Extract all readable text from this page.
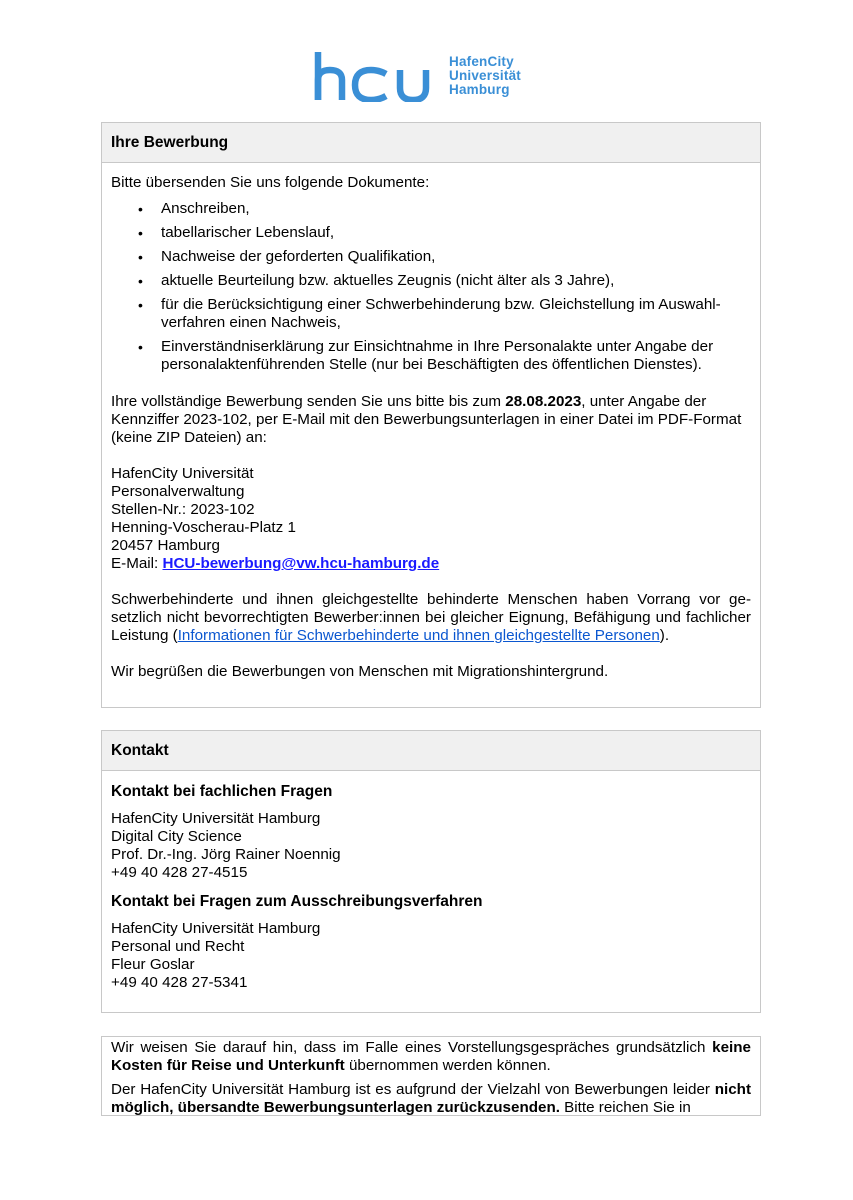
HafenCity
Universität
Hamburg
Ihre Bewerbung

Bitte übersenden Sie uns folgende Dokumente:

• Anschreiben,
• tabellarischer Lebenslauf,
• Nachweise der geforderten Qualifikation,
• aktuelle Beurteilung bzw. aktuelles Zeugnis (nicht älter als 3 Jahre),
• für die Berücksichtigung einer Schwerbehinderung bzw. Gleichstellung im Auswahl-verfahren einen Nachweis,
• Einverständniserklärung zur Einsichtnahme in Ihre Personalakte unter Angabe der personalaktenführenden Stelle (nur bei Beschäftigten des öffentlichen Dienstes).

Ihre vollständige Bewerbung senden Sie uns bitte bis zum 28.08.2023, unter Angabe der Kennziffer 2023-102, per E-Mail mit den Bewerbungsunterlagen in einer Datei im PDF-Format (keine ZIP Dateien) an:

HafenCity Universität
Personalverwaltung
Stellen-Nr.: 2023-102
Henning-Voscherau-Platz 1
20457 Hamburg
E-Mail: HCU-bewerbung@vw.hcu-hamburg.de

Schwerbehinderte und ihnen gleichgestellte behinderte Menschen haben Vorrang vor ge-setzlich nicht bevorrechtigten Bewerber:innen bei gleicher Eignung, Befähigung und fachlicher Leistung (Informationen für Schwerbehinderte und ihnen gleichgestellte Personen).

Wir begrüßen die Bewerbungen von Menschen mit Migrationshintergrund.

Kontakt
Kontakt bei fachlichen Fragen
HafenCity Universität Hamburg
Digital City Science
Prof. Dr.-Ing. Jörg Rainer Noennig
+49 40 428 27-4515
Kontakt bei Fragen zum Ausschreibungsverfahren
HafenCity Universität Hamburg
Personal und Recht
Fleur Goslar
+49 40 428 27-5341

Wir weisen Sie darauf hin, dass im Falle eines Vorstellungsgespräches grundsätzlich keine Kosten für Reise und Unterkunft übernommen werden können.

Der HafenCity Universität Hamburg ist es aufgrund der Vielzahl von Bewerbungen leider nicht möglich, übersandte Bewerbungsunterlagen zurückzusenden. Bitte reichen Sie in
